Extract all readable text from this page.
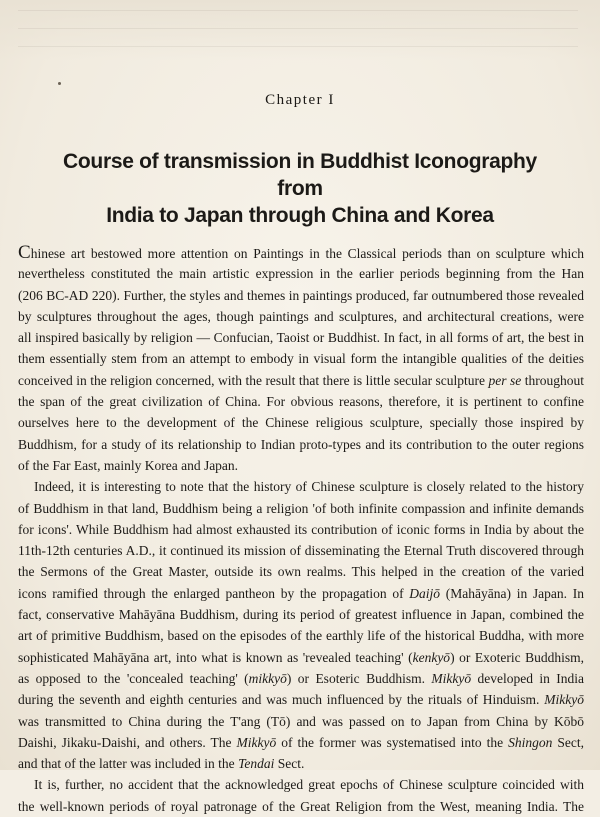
Chapter I
Course of transmission in Buddhist Iconography from
India to Japan through China and Korea
Chinese art bestowed more attention on Paintings in the Classical periods than on sculpture which
nevertheless constituted the main artistic expression in the earlier periods beginning from the Han
(206 BC-AD 220). Further, the styles and themes in paintings produced, far outnumbered those revealed
by sculptures throughout the ages, though paintings and sculptures, and architectural creations, were
all inspired basically by religion — Confucian, Taoist or Buddhist. In fact, in all forms of art, the best in
them essentially stem from an attempt to embody in visual form the intangible qualities of the deities
conceived in the religion concerned, with the result that there is little secular sculpture per se throughout
the span of the great civilization of China. For obvious reasons, therefore, it is pertinent to confine
ourselves here to the development of the Chinese religious sculpture, specially those inspired by
Buddhism, for a study of its relationship to Indian proto-types and its contribution to the outer regions
of the Far East, mainly Korea and Japan.
Indeed, it is interesting to note that the history of Chinese sculpture is closely related to the history
of Buddhism in that land, Buddhism being a religion 'of both infinite compassion and infinite demands
for icons'. While Buddhism had almost exhausted its contribution of iconic forms in India by about the
11th-12th centuries A.D., it continued its mission of disseminating the Eternal Truth discovered through
the Sermons of the Great Master, outside its own realms. This helped in the creation of the varied
icons ramified through the enlarged pantheon by the propagation of Daijō (Mahāyāna) in Japan. In
fact, conservative Mahāyāna Buddhism, during its period of greatest influence in Japan, combined the
art of primitive Buddhism, based on the episodes of the earthly life of the historical Buddha, with more
sophisticated Mahāyāna art, into what is known as 'revealed teaching' (kenkyō) or Exoteric Buddhism,
as opposed to the 'concealed teaching' (mikkyō) or Esoteric Buddhism. Mikkyō developed in India
during the seventh and eighth centuries and was much influenced by the rituals of Hinduism. Mikkyō
was transmitted to China during the T'ang (Tō) and was passed on to Japan from China by Kōbō
Daishi, Jikaku-Daishi, and others. The Mikkyō of the former was systematised into the Shingon Sect,
and that of the latter was included in the Tendai Sect.
It is, further, no accident that the acknowledged great epochs of Chinese sculpture coincided with
the well-known periods of royal patronage of the Great Religion from the West, meaning India. The
